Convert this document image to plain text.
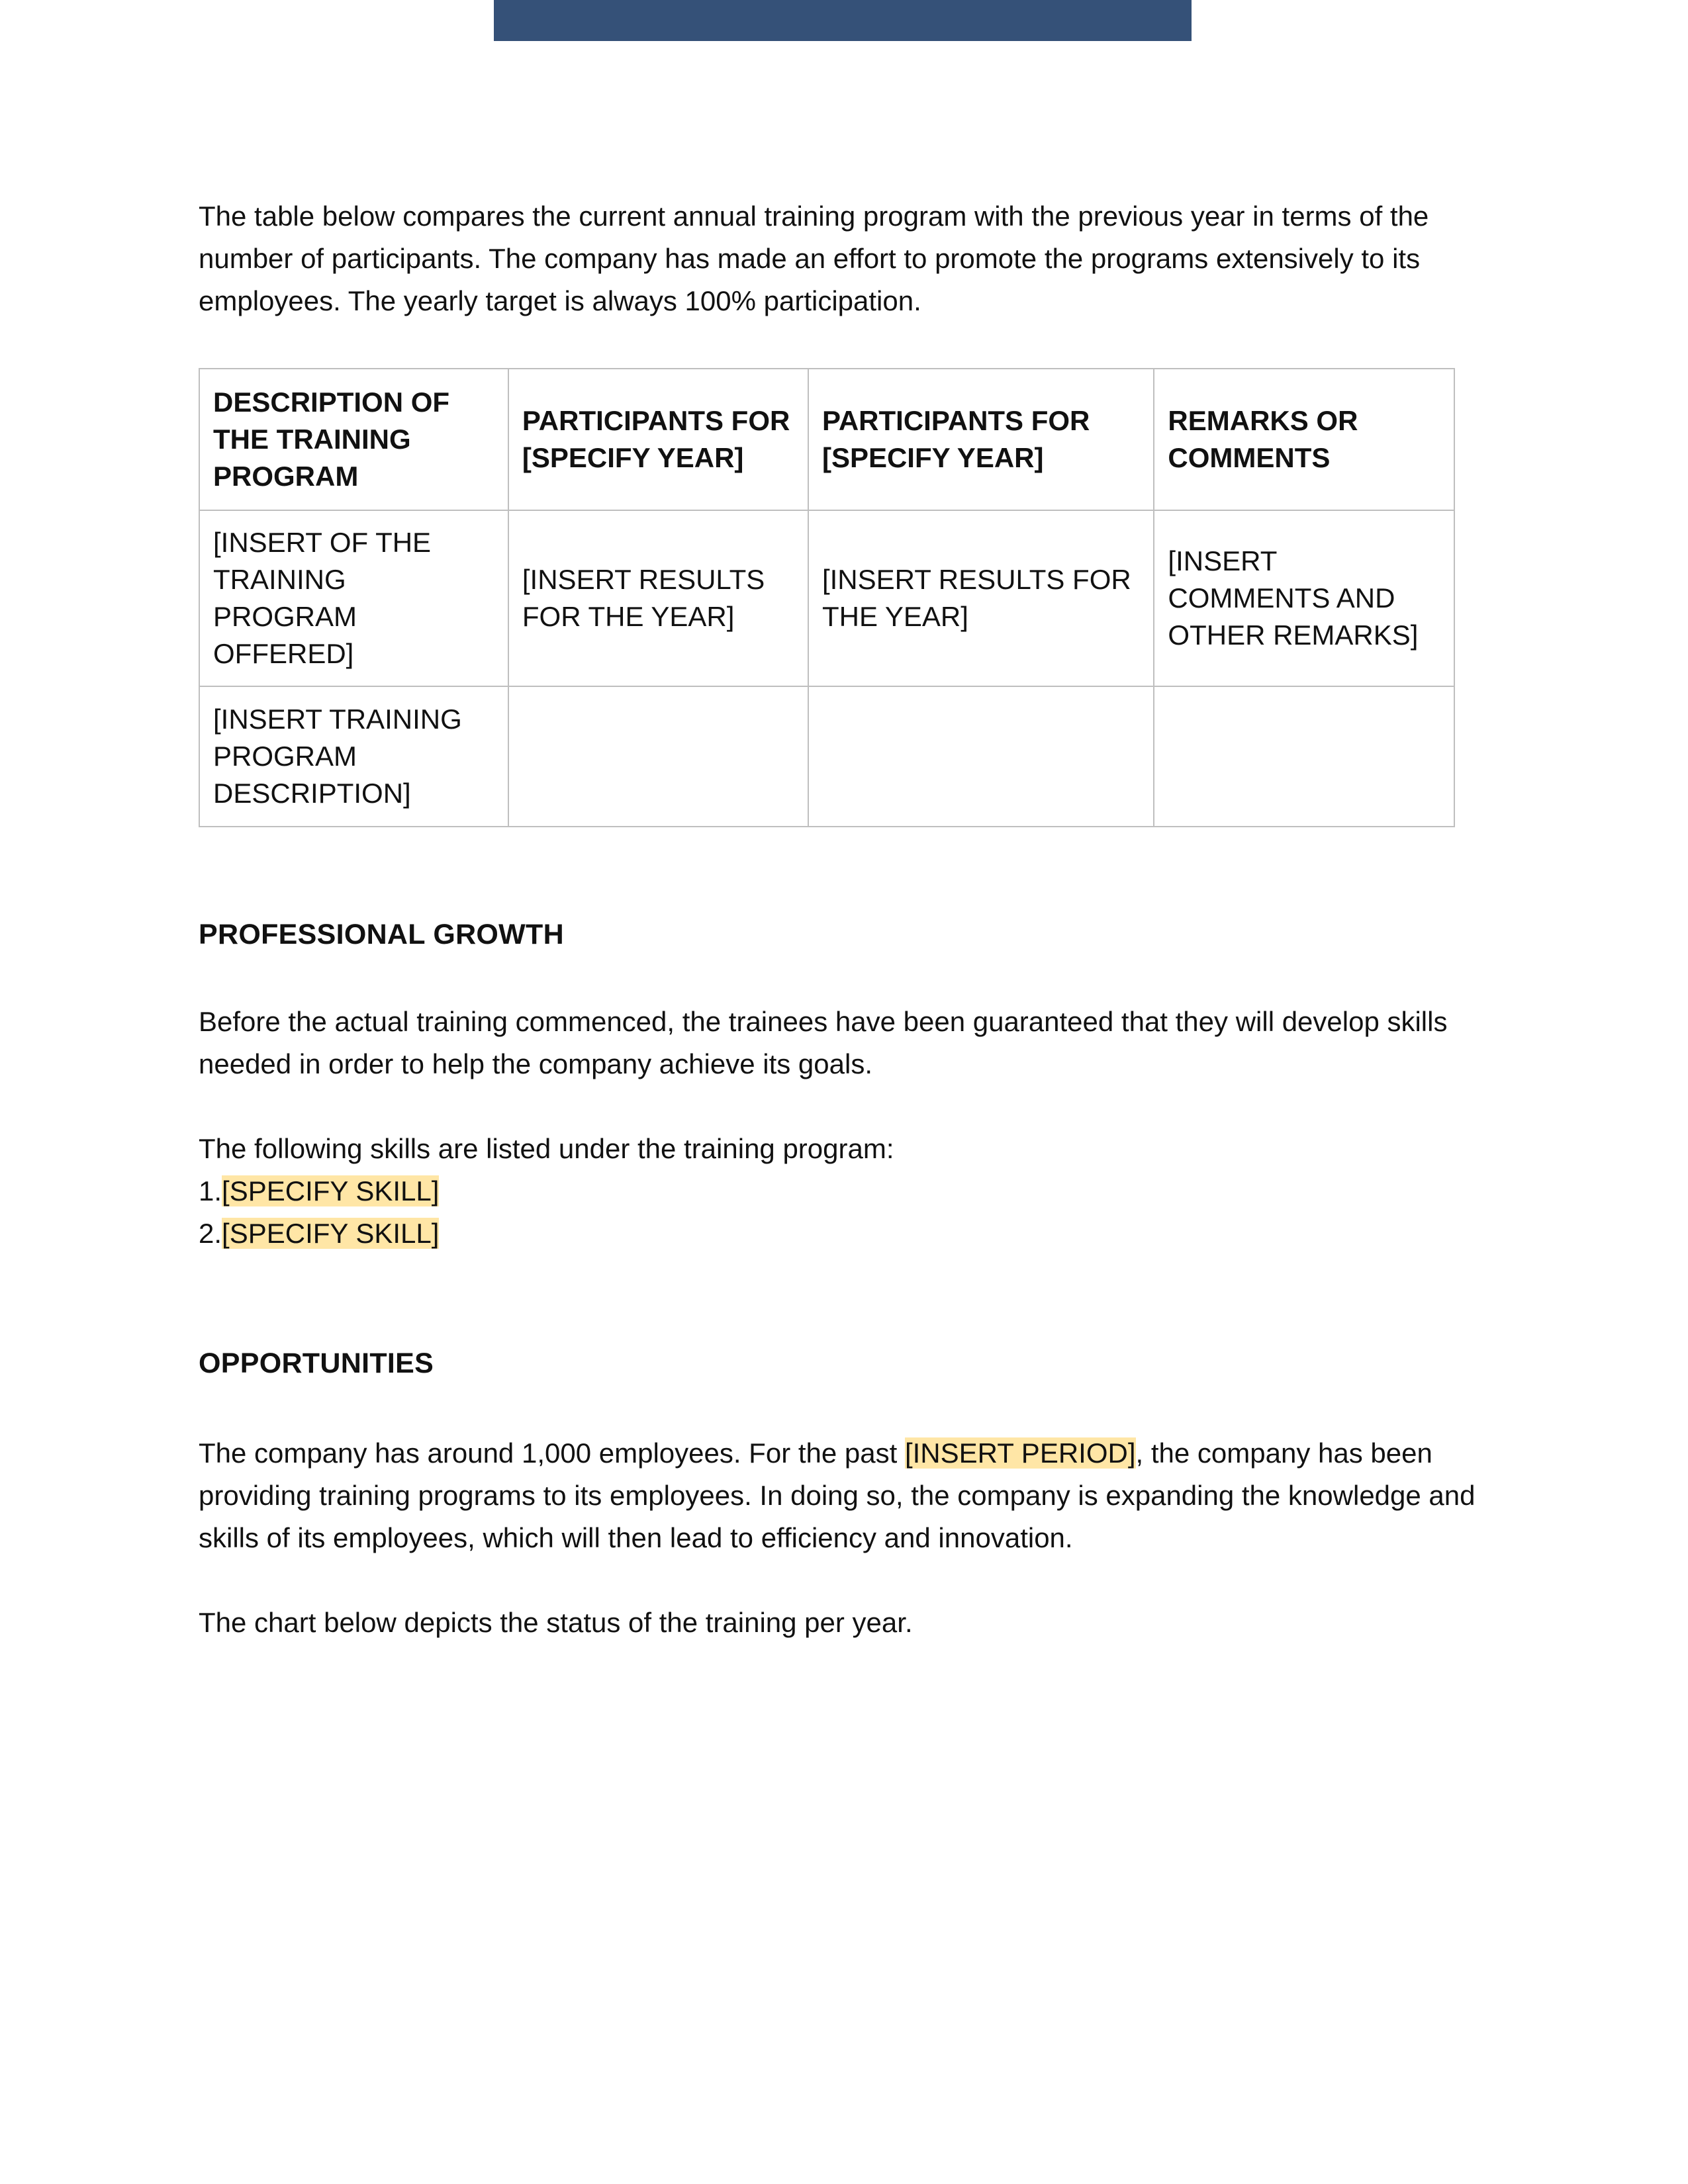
The table below compares the current annual training program with the previous year in terms of the number of participants. The company has made an effort to promote the programs extensively to its employees. The yearly target is always 100% participation.

DESCRIPTION OF THE TRAINING PROGRAM	PARTICIPANTS FOR [SPECIFY YEAR]	PARTICIPANTS FOR [SPECIFY YEAR]	REMARKS OR COMMENTS
[INSERT OF THE TRAINING PROGRAM OFFERED]	[INSERT RESULTS FOR THE YEAR]	[INSERT RESULTS FOR THE YEAR]	[INSERT COMMENTS AND OTHER REMARKS]
[INSERT TRAINING PROGRAM DESCRIPTION]			
PROFESSIONAL GROWTH

Before the actual training commenced, the trainees have been guaranteed that they will develop skills needed in order to help the company achieve its goals.

The following skills are listed under the training program:

1.[SPECIFY SKILL]

2.[SPECIFY SKILL]

OPPORTUNITIES

The company has around 1,000 employees. For the past [INSERT PERIOD], the company has been providing training programs to its employees. In doing so, the company is expanding the knowledge and skills of its employees, which will then lead to efficiency and innovation.

The chart below depicts the status of the training per year.
